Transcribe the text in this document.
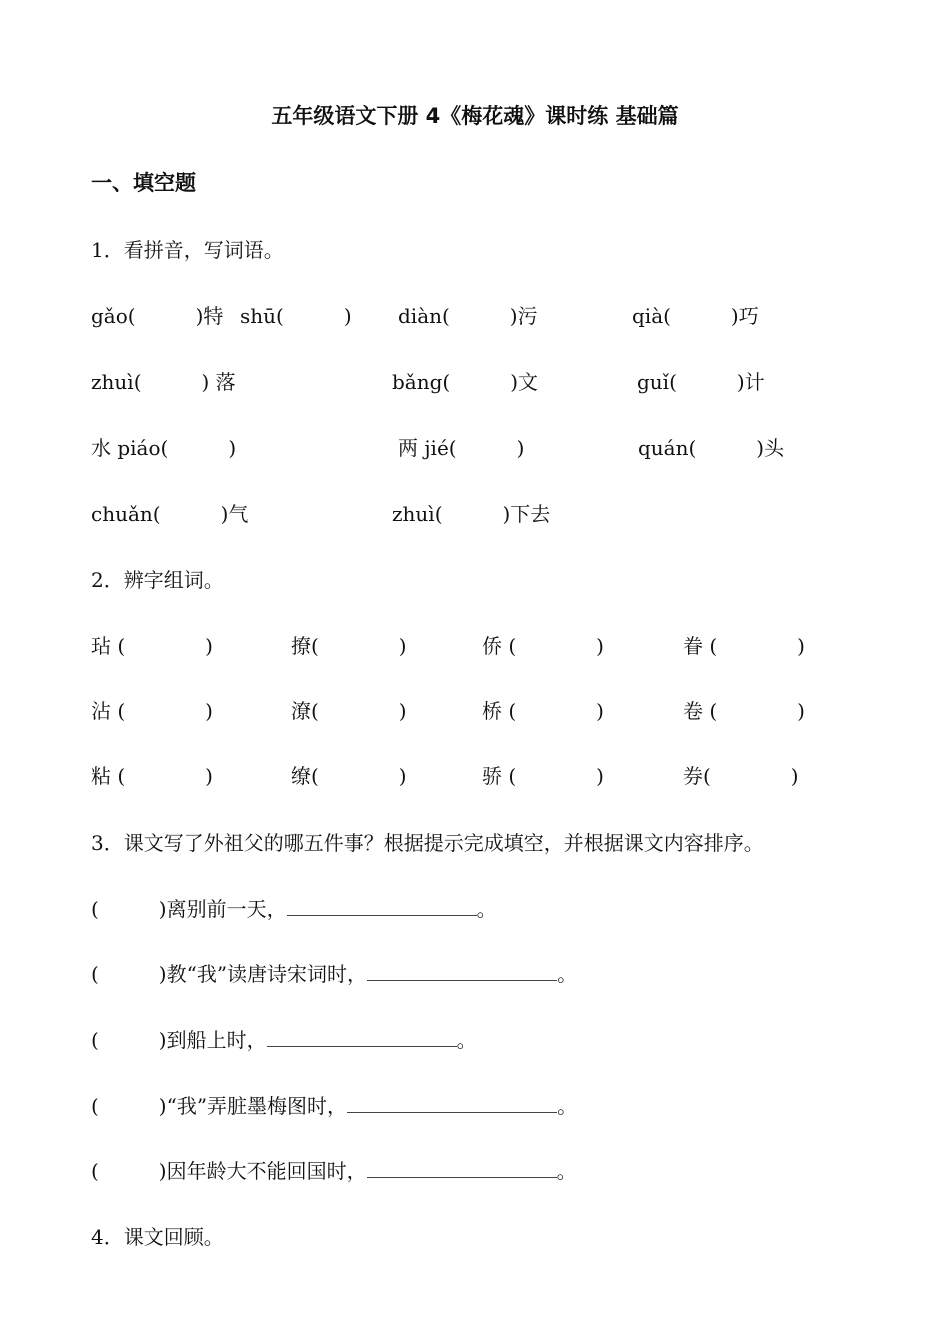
五年级语文下册 4《梅花魂》课时练 基础篇
一、填空题
1．看拼音，写词语。
gǎo(　　　)特 shū(　　　) diàn(　　　)污	qià(　　　)巧
zhuì(　　　) 落	bǎng(　　　)文	guǐ(　　　)计
水 piáo(　　　)	两 jié(　　　)	quán(　　　)头
chuǎn(　　　)气	zhuì(　　　)下去
2．辨字组词。
玷 (　　　　)	撩(　　　　)	侨 (　　　　)	眷 (　　　　)
沾 (　　　　)	潦(　　　　)	桥 (　　　　)	卷 (　　　　)
粘 (　　　　)	缭(　　　　)	骄 (　　　　)	券(　　　　)
3．课文写了外祖父的哪五件事？根据提示完成填空，并根据课文内容排序。
(　　　)离别前一天，	。
(　　　)教“我”读唐诗宋词时，	。
(　　　)到船上时，	。
(　　　)“我”弄脏墨梅图时，	。
(　　　)因年龄大不能回国时，	。
4．课文回顾。
